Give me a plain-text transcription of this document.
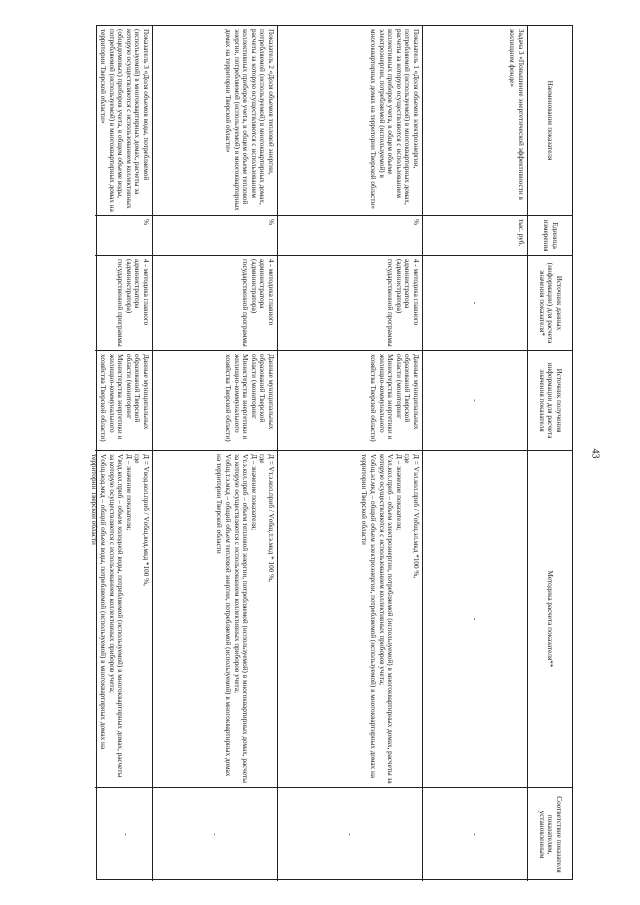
43
Наименование показателя
Единица измерения
Источник данных (информации) для расчета значения показателя*
Источник получения информации для расчета значения показателя
Методика расчета показателя**
Соответствие показателя показателям, установленным
Задача 3 «Повышение энергетической эффективности в жилищном фонде»
тыс. руб.
-
-
-
-
Показатель 1 «Доля объемов электроэнергии, потребляемой (используемой) в многоквартирных домах, расчеты за которую осуществляются с использованием коллективных приборов учета, в общем объеме электроэнергии, потребляемой (используемой) в многоквартирных домах на территории Тверской области»
%
4 - методика главного администратора (администратора) государственной программы
Данные муниципальных образований Тверской области (мониторинг Министерства энергетики и жилищно-коммунального хозяйства Тверской области)
Д = Vэл.кол.приб / Vобщ.эл.мкд *100 %,
где
Д – значение показателя;
Vэл.кол.приб – объем электроэнергии, потребляемой (используемой) в многоквартирных домах, расчеты за которую осуществляются с использованием коллективных приборов учета;
Vобщ.эл.мкд – общий объем электроэнергии, потребляемой (используемой) в многоквартирных домах на территории Тверской области
-
Показатель 2 «Доля объемов тепловой энергии, потребляемой (используемой) в многоквартирных домах, расчеты за которую осуществляются с использованием коллективных приборов учета, в общем объеме тепловой энергии, потребляемой (используемой) в многоквартирных домах на территории Тверской области»
%
4 - методика главного администратора (администратора) государственной программы
Данные муниципальных образований Тверской области (мониторинг Министерства энергетики и жилищно-коммунального хозяйства Тверской области)
Д = Vт.э.кол.приб / Vобщ.т.э.мкд * 100 %,
где
Д – значение показателя;
Vт.э.кол.приб – объем тепловой энергии, потребляемой (используемой) в многоквартирных домах, расчеты за которую осуществляются с использованием коллективных приборов учета;
Vобщ.т.э.мкд – общий объем тепловой энергии, потребляемой (используемой) в многоквартирных домах на территории Тверской области
-
Показатель 3 «Доля объемов воды, потребляемой (используемой) в многоквартирных домах, расчеты за которую осуществляются с использованием коллективных (общедомовых) приборов учета, в общем объеме воды, потребляемой (используемой) в многоквартирных домах на территории Тверской области»
%
4 - методика главного администратора (администратора) государственной программы
Данные муниципальных образований Тверской области (мониторинг Министерства энергетики и жилищно-коммунального хозяйства Тверской области)
Д = Vвод.кол.приб / Vобщ.вод.мкд *100 %,
где
Д – значение показателя;
Vвод.кол.приб – объем холодной воды, потребляемой (используемой) в многоквартирных домах, расчеты за которую осуществляются с использованием коллективных приборов учета;
Vобщ.вод.мкд – общий объем воды, потребляемой (используемой) в многоквартирных домах на территории Тверской области
-
